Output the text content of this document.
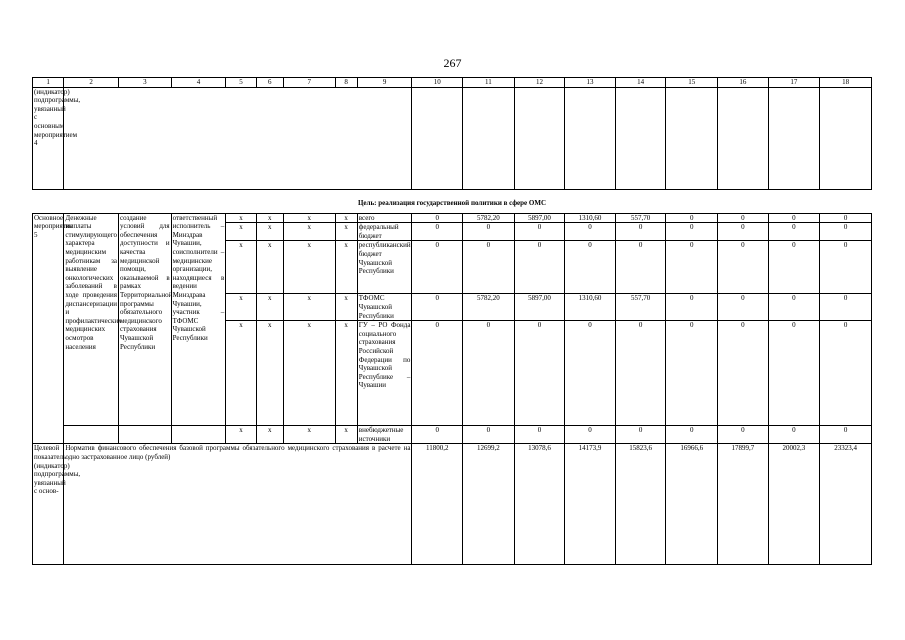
267
1	2	3	4	5	6	7	8	9	10	11	12	13	14	15	16	17	18
(индикатор) подпрограммы, увязанный с основным мероприятием 4																	
Цель: реализация государственной политики в сфере ОМС																	
Основное мероприятие 5	Денежные выплаты стимулирующего характера медицинским работникам за выявление онкологических заболеваний в ходе проведения диспансеризации и профилактических медицинских осмотров населения	создание условий для обеспечения доступности и качества медицинской помощи, оказываемой в рамках Территориальной программы обязательного медицинского страхования Чувашской Республики	ответственный исполнитель – Минздрав Чувашии, соисполнители – медицинские организации, находящиеся в ведении Минздрава Чувашии, участник – ТФОМС Чувашской Республики	х	х	х	х	всего	0	5782,20	5897,00	1310,60	557,70	0	0	0	0
				х	х	х	х	федеральный бюджет	0	0	0	0	0	0	0	0	0
				х	х	х	х	республиканский бюджет Чувашской Республики	0	0	0	0	0	0	0	0	0
				х	х	х	х	ТФОМС Чувашской Республики	0	5782,20	5897,00	1310,60	557,70	0	0	0	0
				х	х	х	х	ГУ – РО Фонда социального страхования Российской Федерации по Чувашской Республике – Чувашии	0	0	0	0	0	0	0	0	0
				х	х	х	х	внебюджетные источники	0	0	0	0	0	0	0	0	0
Целевой показатель (индикатор) подпрограммы, увязанный с основ-	Норматив финансового обеспечения базовой программы обязательного медицинского страхования в расчете на одно застрахованное лицо (рублей)								11800,2	12699,2	13078,6	14173,9	15823,6	16966,6	17899,7	20002,3	23323,4
